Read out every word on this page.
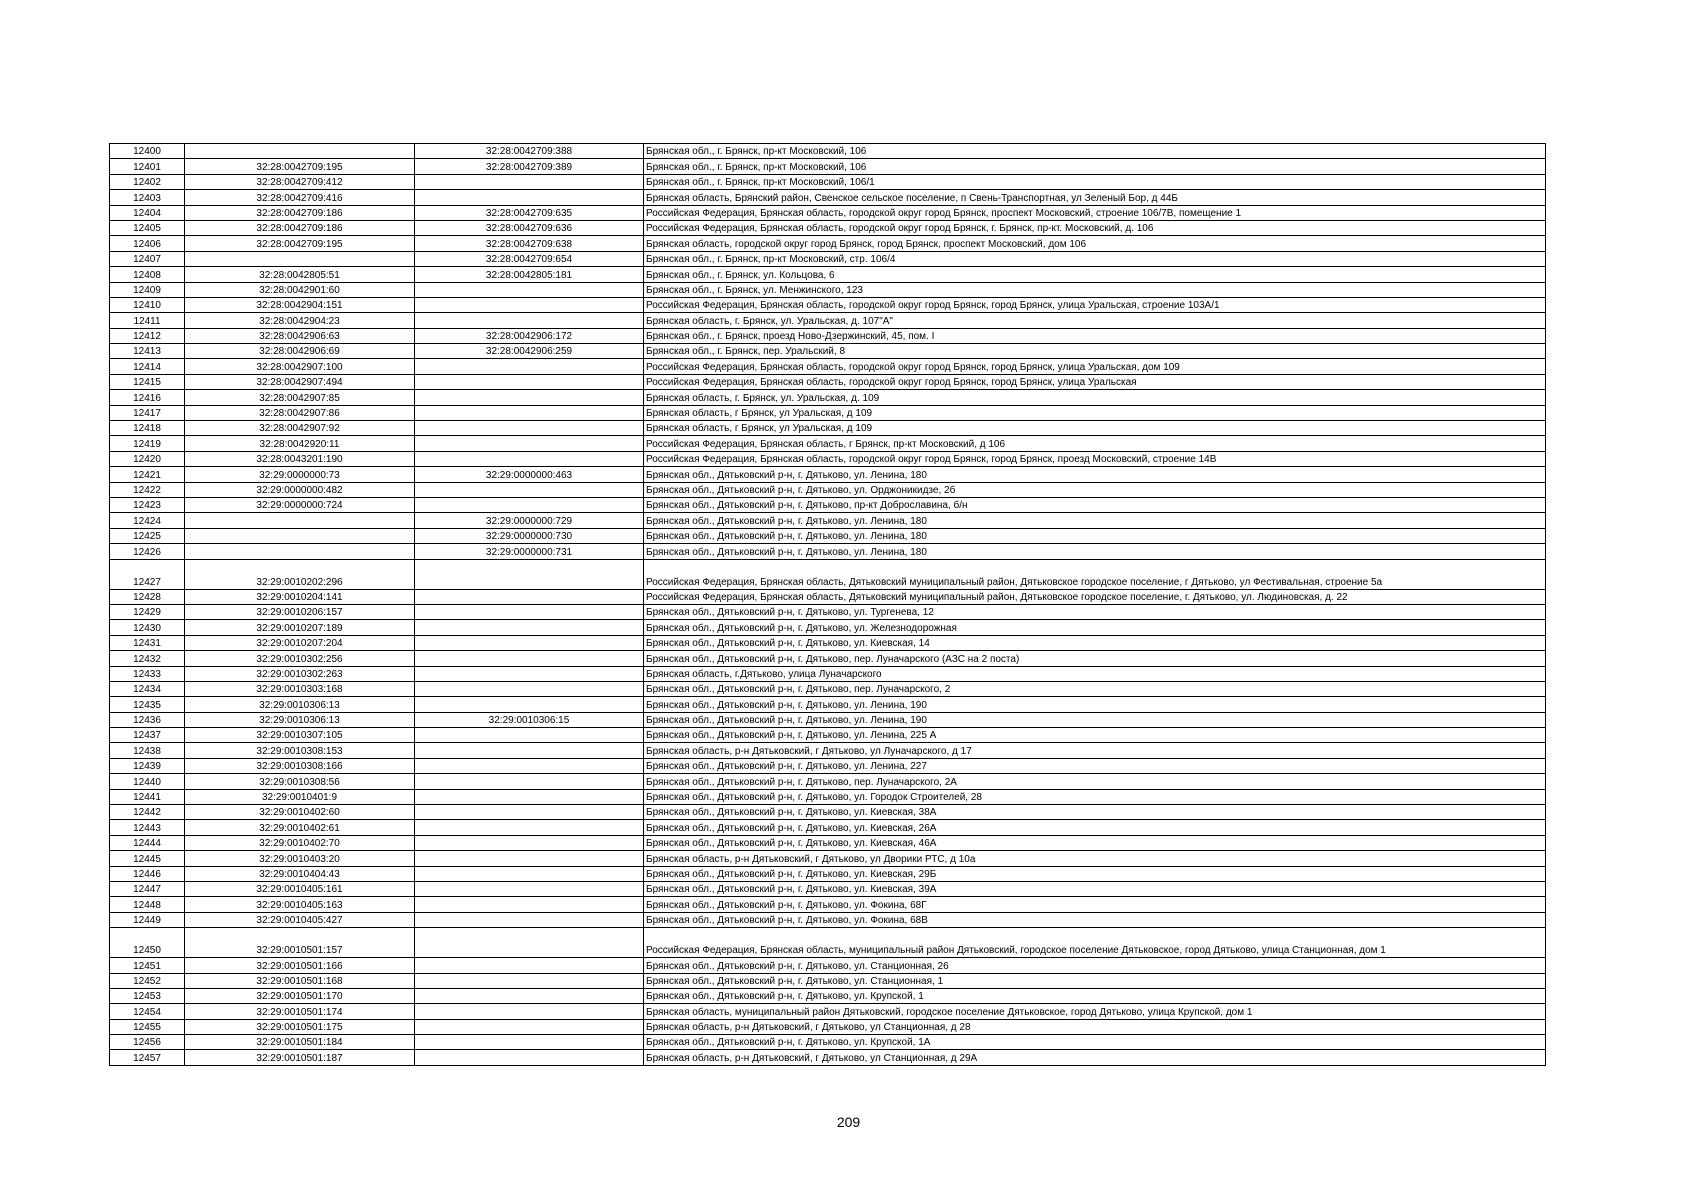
12400		32:28:0042709:388	Брянская обл., г. Брянск, пр-кт Московский, 106
12401	32:28:0042709:195	32:28:0042709:389	Брянская обл., г. Брянск, пр-кт Московский, 106
12402	32:28:0042709:412		Брянская обл., г. Брянск, пр-кт Московский, 106/1
12403	32:28:0042709:416		Брянская область, Брянский район, Свенское сельское поселение, п Свень-Транспортная, ул Зеленый Бор, д 44Б
12404	32:28:0042709:186	32:28:0042709:635	Российская Федерация, Брянская область, городской округ город Брянск, проспект Московский, строение 106/7В, помещение 1
12405	32:28:0042709:186	32:28:0042709:636	Российская Федерация, Брянская область, городской округ город Брянск, г. Брянск, пр-кт. Московский, д. 106
12406	32:28:0042709:195	32:28:0042709:638	Брянская область, городской округ город Брянск, город Брянск, проспект Московский, дом 106
12407		32:28:0042709:654	Брянская обл., г. Брянск, пр-кт Московский, стр. 106/4
12408	32:28:0042805:51	32:28:0042805:181	Брянская обл., г. Брянск, ул. Кольцова, 6
12409	32:28:0042901:60		Брянская обл., г. Брянск, ул. Менжинского, 123
12410	32:28:0042904:151		Российская Федерация, Брянская область, городской округ город Брянск, город Брянск, улица Уральская, строение 103А/1
12411	32:28:0042904:23		Брянская область, г. Брянск, ул. Уральская, д. 107"А"
12412	32:28:0042906:63	32:28:0042906:172	Брянская обл., г. Брянск, проезд Ново-Дзержинский, 45, пом. I
12413	32:28:0042906:69	32:28:0042906:259	Брянская обл., г. Брянск, пер. Уральский, 8
12414	32:28:0042907:100		Российская Федерация, Брянская область, городской округ город Брянск, город Брянск, улица Уральская, дом 109
12415	32:28:0042907:494		Российская Федерация, Брянская область, городской округ город Брянск, город Брянск, улица Уральская
12416	32:28:0042907:85		Брянская область, г. Брянск, ул. Уральская, д. 109
12417	32:28:0042907:86		Брянская область, г Брянск, ул Уральская, д 109
12418	32:28:0042907:92		Брянская область, г Брянск, ул Уральская, д 109
12419	32:28:0042920:11		Российская Федерация, Брянская область, г Брянск, пр-кт Московский, д 106
12420	32:28:0043201:190		Российская Федерация, Брянская область, городской округ город Брянск, город Брянск, проезд Московский, строение 14В
12421	32:29:0000000:73	32:29:0000000:463	Брянская обл., Дятьковский р-н, г. Дятьково, ул. Ленина, 180
12422	32:29:0000000:482		Брянская обл., Дятьковский р-н, г. Дятьково, ул. Орджоникидзе, 2б
12423	32:29:0000000:724		Брянская обл., Дятьковский р-н, г. Дятьково, пр-кт Доброславина, б/н
12424		32:29:0000000:729	Брянская обл., Дятьковский р-н, г. Дятьково, ул. Ленина, 180
12425		32:29:0000000:730	Брянская обл., Дятьковский р-н, г. Дятьково, ул. Ленина, 180
12426		32:29:0000000:731	Брянская обл., Дятьковский р-н, г. Дятьково, ул. Ленина, 180
12427	32:29:0010202:296		Российская Федерация, Брянская область, Дятьковский муниципальный район, Дятьковское городское поселение, г Дятьково, ул Фестивальная, строение 5а
12428	32:29:0010204:141		Российская Федерация, Брянская область, Дятьковский муниципальный район, Дятьковское городское поселение, г. Дятьково, ул. Людиновская, д. 22
12429	32:29:0010206:157		Брянская обл., Дятьковский р-н, г. Дятьково, ул. Тургенева, 12
12430	32:29:0010207:189		Брянская обл., Дятьковский р-н, г. Дятьково, ул. Железнодорожная
12431	32:29:0010207:204		Брянская обл., Дятьковский р-н, г. Дятьково, ул. Киевская, 14
12432	32:29:0010302:256		Брянская обл., Дятьковский р-н, г. Дятьково, пер. Луначарского (АЗС на 2 поста)
12433	32:29:0010302:263		Брянская область, г.Дятьково, улица Луначарского
12434	32:29:0010303:168		Брянская обл., Дятьковский р-н, г. Дятьково, пер. Луначарского, 2
12435	32:29:0010306:13		Брянская обл., Дятьковский р-н, г. Дятьково, ул. Ленина, 190
12436	32:29:0010306:13	32:29:0010306:15	Брянская обл., Дятьковский р-н, г. Дятьково, ул. Ленина, 190
12437	32:29:0010307:105		Брянская обл., Дятьковский р-н, г. Дятьково, ул. Ленина, 225 А
12438	32:29:0010308:153		Брянская область, р-н Дятьковский, г Дятьково, ул Луначарского, д 17
12439	32:29:0010308:166		Брянская обл., Дятьковский р-н, г. Дятьково, ул. Ленина, 227
12440	32:29:0010308:56		Брянская обл., Дятьковский р-н, г. Дятьково, пер. Луначарского, 2А
12441	32:29:0010401:9		Брянская обл., Дятьковский р-н, г. Дятьково, ул. Городок Строителей, 28
12442	32:29:0010402:60		Брянская обл., Дятьковский р-н, г. Дятьково, ул. Киевская, 38А
12443	32:29:0010402:61		Брянская обл., Дятьковский р-н, г. Дятьково, ул. Киевская, 26А
12444	32:29:0010402:70		Брянская обл., Дятьковский р-н, г. Дятьково, ул. Киевская, 46А
12445	32:29:0010403:20		Брянская область, р-н Дятьковский, г Дятьково, ул Дворики РТС, д 10а
12446	32:29:0010404:43		Брянская обл., Дятьковский р-н, г. Дятьково, ул. Киевская, 29Б
12447	32:29:0010405:161		Брянская обл., Дятьковский р-н, г. Дятьково, ул. Киевская, 39А
12448	32:29:0010405:163		Брянская обл., Дятьковский р-н, г. Дятьково, ул. Фокина, 68Г
12449	32:29:0010405:427		Брянская обл., Дятьковский р-н, г. Дятьково, ул. Фокина, 68В
12450	32:29:0010501:157		Российская Федерация, Брянская область, муниципальный район Дятьковский, городское поселение Дятьковское, город Дятьково, улица Станционная, дом 1
12451	32:29:0010501:166		Брянская обл., Дятьковский р-н, г. Дятьково, ул. Станционная, 26
12452	32:29:0010501:168		Брянская обл., Дятьковский р-н, г. Дятьково, ул. Станционная, 1
12453	32:29:0010501:170		Брянская обл., Дятьковский р-н, г. Дятьково, ул. Крупской, 1
12454	32:29:0010501:174		Брянская область, муниципальный район Дятьковский, городское поселение Дятьковское, город Дятьково, улица Крупской, дом 1
12455	32:29:0010501:175		Брянская область, р-н Дятьковский, г Дятьково, ул Станционная, д 28
12456	32:29:0010501:184		Брянская обл., Дятьковский р-н, г. Дятьково, ул. Крупской, 1А
12457	32:29:0010501:187		Брянская область, р-н Дятьковский, г Дятьково, ул Станционная, д 29А
209
